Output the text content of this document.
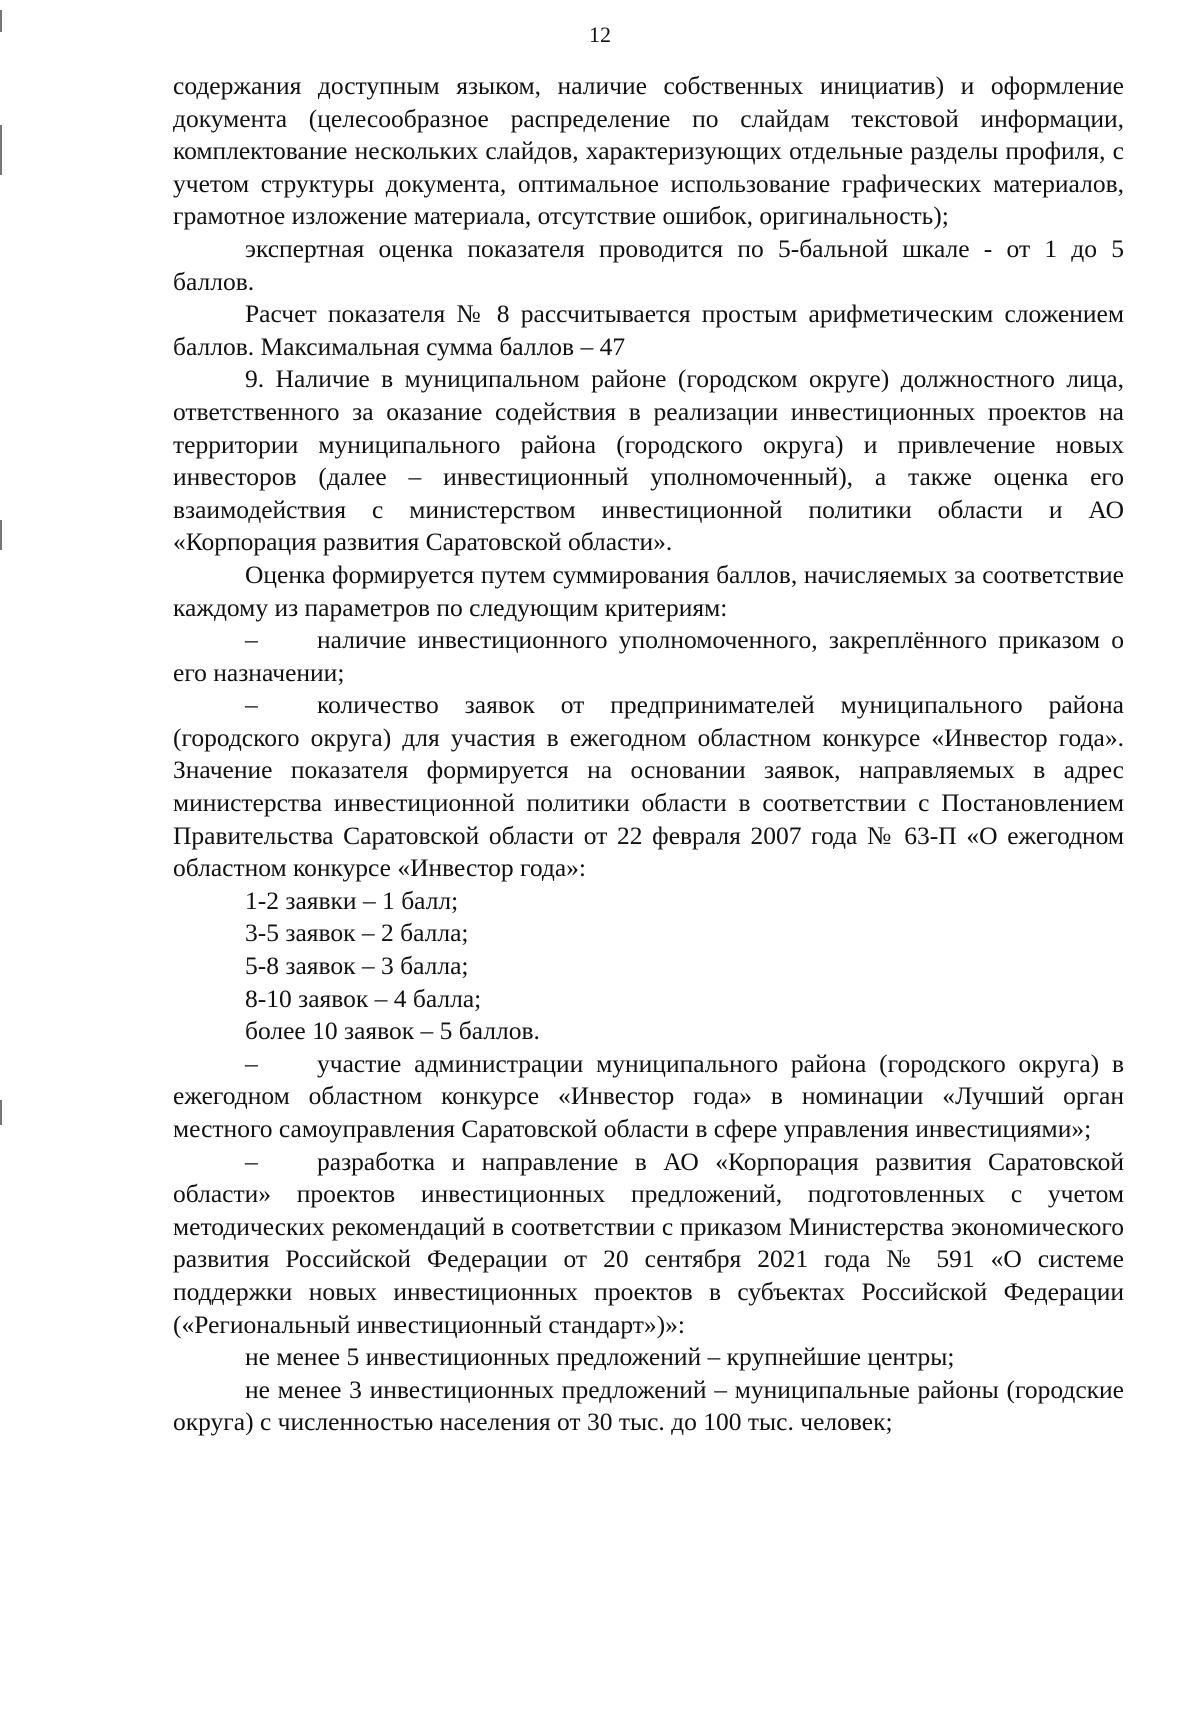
12

содержания доступным языком, наличие собственных инициатив) и оформление документа (целесообразное распределение по слайдам текстовой информации, комплектование нескольких слайдов, характеризующих отдельные разделы профиля, с учетом структуры документа, оптимальное использование графических материалов, грамотное изложение материала, отсутствие ошибок, оригинальность);

экспертная оценка показателя проводится по 5-бальной шкале - от 1 до 5 баллов.

Расчет показателя № 8 рассчитывается простым арифметическим сложением баллов. Максимальная сумма баллов – 47

9. Наличие в муниципальном районе (городском округе) должностного лица, ответственного за оказание содействия в реализации инвестиционных проектов на территории муниципального района (городского округа) и привлечение новых инвесторов (далее – инвестиционный уполномоченный), а также оценка его взаимодействия с министерством инвестиционной политики области и АО «Корпорация развития Саратовской области».

Оценка формируется путем суммирования баллов, начисляемых за соответствие каждому из параметров по следующим критериям:

– наличие инвестиционного уполномоченного, закреплённого приказом о его назначении;

– количество заявок от предпринимателей муниципального района (городского округа) для участия в ежегодном областном конкурсе «Инвестор года». Значение показателя формируется на основании заявок, направляемых в адрес министерства инвестиционной политики области в соответствии с Постановлением Правительства Саратовской области от 22 февраля 2007 года № 63-П «О ежегодном областном конкурсе «Инвестор года»:

1-2 заявки – 1 балл;

3-5 заявок – 2 балла;

5-8 заявок – 3 балла;

8-10 заявок – 4 балла;

более 10 заявок – 5 баллов.

– участие администрации муниципального района (городского округа) в ежегодном областном конкурсе «Инвестор года» в номинации «Лучший орган местного самоуправления Саратовской области в сфере управления инвестициями»;

– разработка и направление в АО «Корпорация развития Саратовской области» проектов инвестиционных предложений, подготовленных с учетом методических рекомендаций в соответствии с приказом Министерства экономического развития Российской Федерации от 20 сентября 2021 года № 591 «О системе поддержки новых инвестиционных проектов в субъектах Российской Федерации («Региональный инвестиционный стандарт»)»:

не менее 5 инвестиционных предложений – крупнейшие центры;

не менее 3 инвестиционных предложений – муниципальные районы (городские округа) с численностью населения от 30 тыс. до 100 тыс. человек;
